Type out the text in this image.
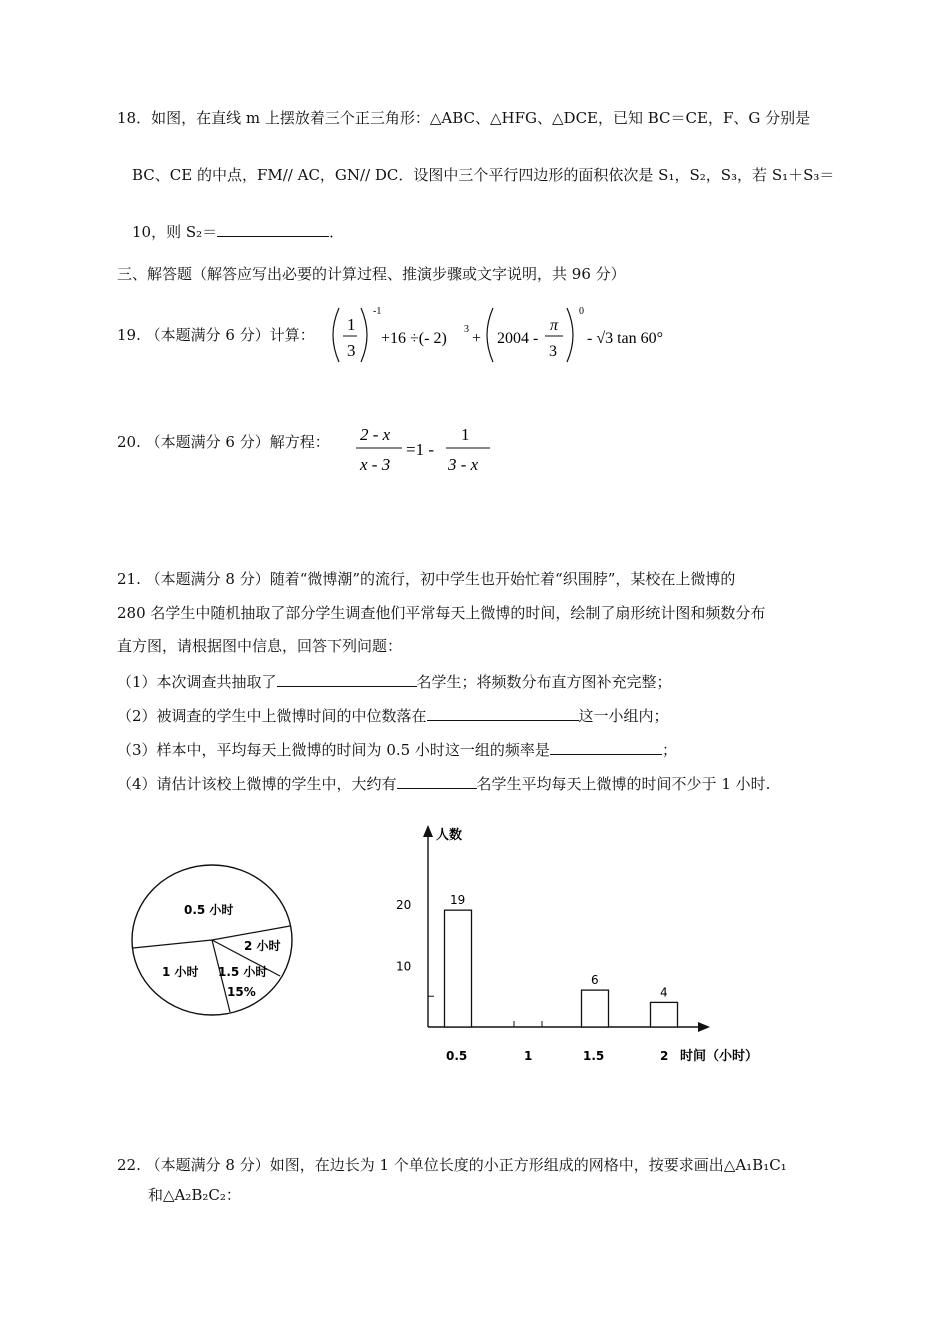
18．如图，在直线 m 上摆放着三个正三角形：△ABC、△HFG、△DCE，已知 BC＝CE，F、G 分别是
BC、CE 的中点，FM// AC，GN// DC．设图中三个平行四边形的面积依次是 S₁，S₂，S₃，若 S₁＋S₃＝
10，则 S₂＝	．
三、解答题（解答应写出必要的计算过程、推演步骤或文字说明，共 96 分）
19. （本题满分 6 分）计算：
1
3
-1
+16 ÷(- 2)
3
+ 2004 -
π
3
0
- √3 tan 60°
20. （本题满分 6 分）解方程： 2 - x
x - 3
=1 -
1
3 - x
21. （本题满分 8 分）随着“微博潮”的流行，初中学生也开始忙着“织围脖”，某校在上微博的
280 名学生中随机抽取了部分学生调查他们平常每天上微博的时间，绘制了扇形统计图和频数分布
直方图，请根据图中信息，回答下列问题：
（1）本次调查共抽取了	名学生；将频数分布直方图补充完整；
（2）被调查的学生中上微博时间的中位数落在	这一小组内；
（3）样本中，平均每天上微博的时间为 0.5 小时这一组的频率是	；
（4）请估计该校上微博的学生中，大约有	名学生平均每天上微博的时间不少于 1 小时.
0.5 小时
2 小时
1.5 小时
15%
1 小时
人数
时间（小时）
10
20	19
0.5	1
6
1.5
4
2
22. （本题满分 8 分）如图，在边长为 1 个单位长度的小正方形组成的网格中，按要求画出△A₁B₁C₁
和△A₂B₂C₂：
